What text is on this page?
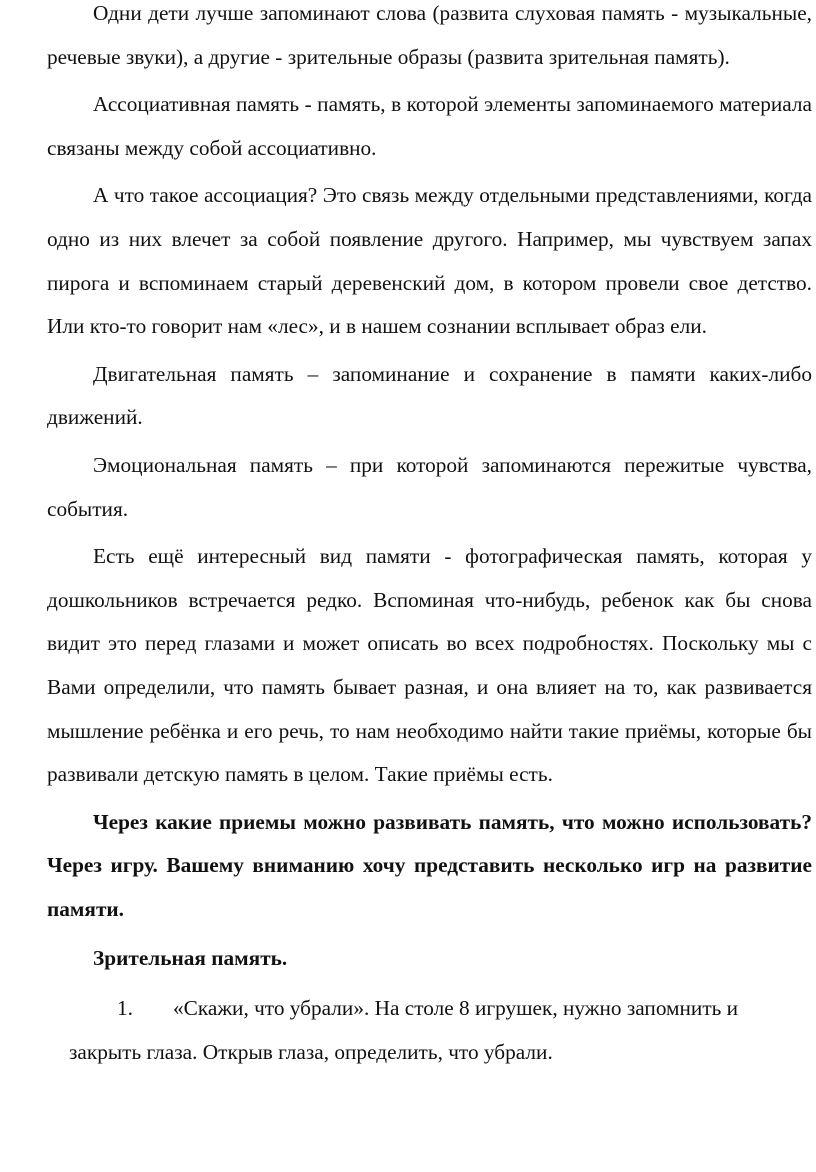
Одни дети лучше запоминают слова (развита слуховая память - музыкальные, речевые звуки), а другие - зрительные образы (развита зрительная память).

Ассоциативная память - память, в которой элементы запоминаемого материала связаны между собой ассоциативно.

А что такое ассоциация? Это связь между отдельными представлениями, когда одно из них влечет за собой появление другого. Например, мы чувствуем запах пирога и вспоминаем старый деревенский дом, в котором провели свое детство. Или кто-то говорит нам «лес», и в нашем сознании всплывает образ ели.

Двигательная память – запоминание и сохранение в памяти каких-либо движений.

Эмоциональная память – при которой запоминаются пережитые чувства, события.

Есть ещё интересный вид памяти - фотографическая память, которая у дошкольников встречается редко. Вспоминая что-нибудь, ребенок как бы снова видит это перед глазами и может описать во всех подробностях. Поскольку мы с Вами определили, что память бывает разная, и она влияет на то, как развивается мышление ребёнка и его речь, то нам необходимо найти такие приёмы, которые бы развивали детскую память в целом. Такие приёмы есть.

Через какие приемы можно развивать память, что можно использовать? Через игру. Вашему вниманию хочу представить несколько игр на развитие памяти.

Зрительная память.

1.	«Скажи, что убрали». На столе 8 игрушек, нужно запомнить и
закрыть глаза. Открыв глаза, определить, что убрали.
